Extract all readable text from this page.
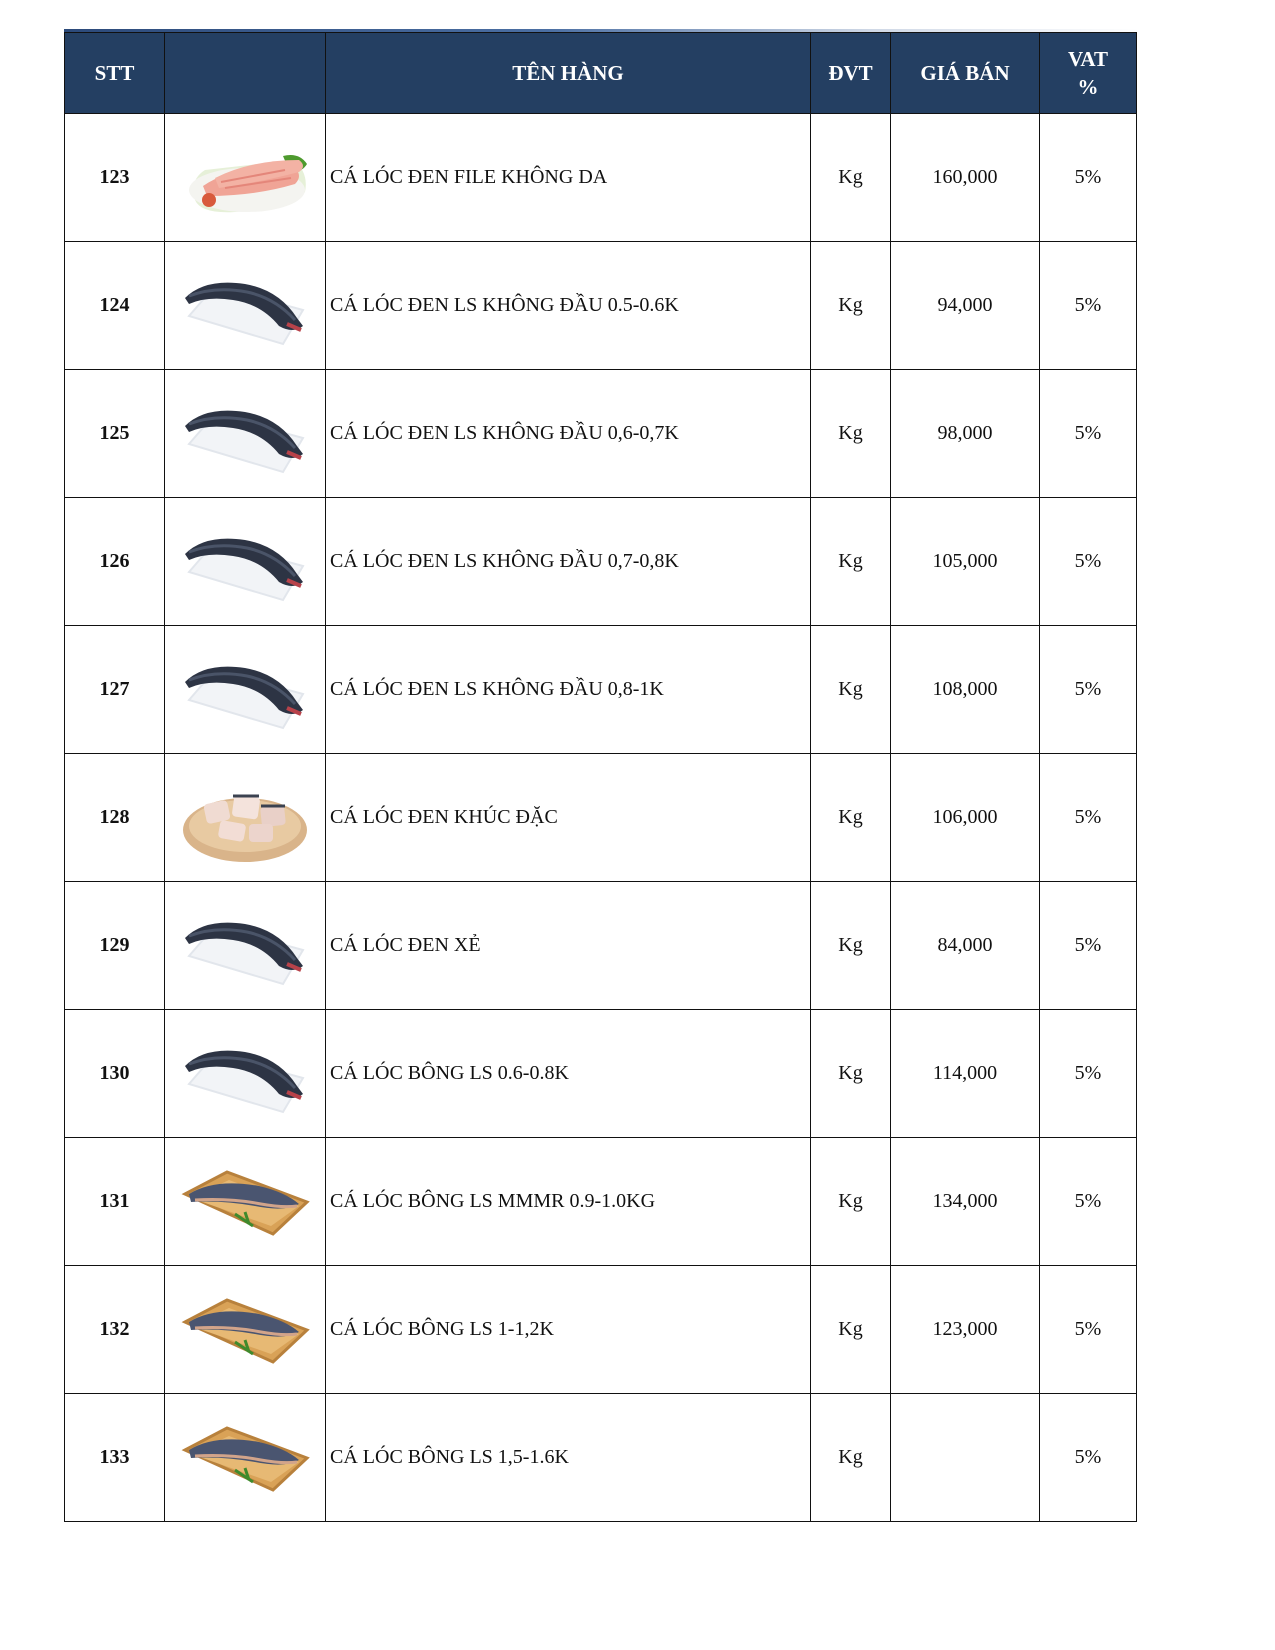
STT		TÊN HÀNG	ĐVT	GIÁ BÁN	VAT
%
123		CÁ LÓC ĐEN FILE KHÔNG DA	Kg	160,000	5%
124		CÁ LÓC ĐEN LS KHÔNG ĐẦU 0.5-0.6K	Kg	94,000	5%
125		CÁ LÓC ĐEN LS KHÔNG ĐẦU 0,6-0,7K	Kg	98,000	5%
126		CÁ LÓC ĐEN LS KHÔNG ĐẦU 0,7-0,8K	Kg	105,000	5%
127		CÁ LÓC ĐEN LS KHÔNG ĐẦU 0,8-1K	Kg	108,000	5%
128		CÁ LÓC ĐEN KHÚC ĐẶC	Kg	106,000	5%
129		CÁ LÓC ĐEN XẺ	Kg	84,000	5%
130		CÁ LÓC BÔNG LS 0.6-0.8K	Kg	114,000	5%
131		CÁ LÓC BÔNG LS MMMR 0.9-1.0KG	Kg	134,000	5%
132		CÁ LÓC BÔNG LS 1-1,2K	Kg	123,000	5%
133		CÁ LÓC BÔNG LS 1,5-1.6K	Kg		5%
